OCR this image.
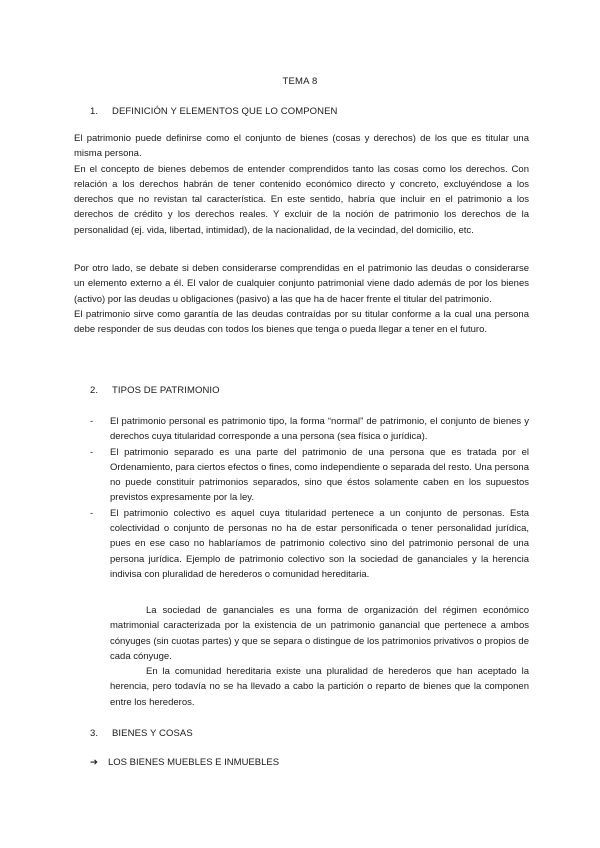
TEMA 8
1. DEFINICIÓN Y ELEMENTOS QUE LO COMPONEN

El patrimonio puede definirse como el conjunto de bienes (cosas y derechos) de los que es titular una misma persona.

En el concepto de bienes debemos de entender comprendidos tanto las cosas como los derechos. Con relación a los derechos habrán de tener contenido económico directo y concreto, excluyéndose a los derechos que no revistan tal característica. En este sentido, habría que incluir en el patrimonio a los derechos de crédito y los derechos reales. Y excluir de la noción de patrimonio los derechos de la personalidad (ej. vida, libertad, intimidad), de la nacionalidad, de la vecindad, del domicilio, etc.

Por otro lado, se debate si deben considerarse comprendidas en el patrimonio las deudas o considerarse un elemento externo a él. El valor de cualquier conjunto patrimonial viene dado además de por los bienes (activo) por las deudas u obligaciones (pasivo) a las que ha de hacer frente el titular del patrimonio.

El patrimonio sirve como garantía de las deudas contraídas por su titular conforme a la cual una persona debe responder de sus deudas con todos los bienes que tenga o pueda llegar a tener en el futuro.

2. TIPOS DE PATRIMONIO
- El patrimonio personal es patrimonio tipo, la forma “normal” de patrimonio, el conjunto de bienes y derechos cuya titularidad corresponde a una persona (sea física o jurídica).
- El patrimonio separado es una parte del patrimonio de una persona que es tratada por el Ordenamiento, para ciertos efectos o fines, como independiente o separada del resto. Una persona no puede constituir patrimonios separados, sino que éstos solamente caben en los supuestos previstos expresamente por la ley.
- El patrimonio colectivo es aquel cuya titularidad pertenece a un conjunto de personas. Esta colectividad o conjunto de personas no ha de estar personificada o tener personalidad jurídica, pues en ese caso no hablaríamos de patrimonio colectivo sino del patrimonio personal de una persona jurídica. Ejemplo de patrimonio colectivo son la sociedad de gananciales y la herencia indivisa con pluralidad de herederos o comunidad hereditaria.

La sociedad de gananciales es una forma de organización del régimen económico matrimonial caracterizada por la existencia de un patrimonio ganancial que pertenece a ambos cónyuges (sin cuotas partes) y que se separa o distingue de los patrimonios privativos o propios de cada cónyuge.

En la comunidad hereditaria existe una pluralidad de herederos que han aceptado la herencia, pero todavía no se ha llevado a cabo la partición o reparto de bienes que la componen entre los herederos.

3. BIENES Y COSAS
➔ LOS BIENES MUEBLES E INMUEBLES
